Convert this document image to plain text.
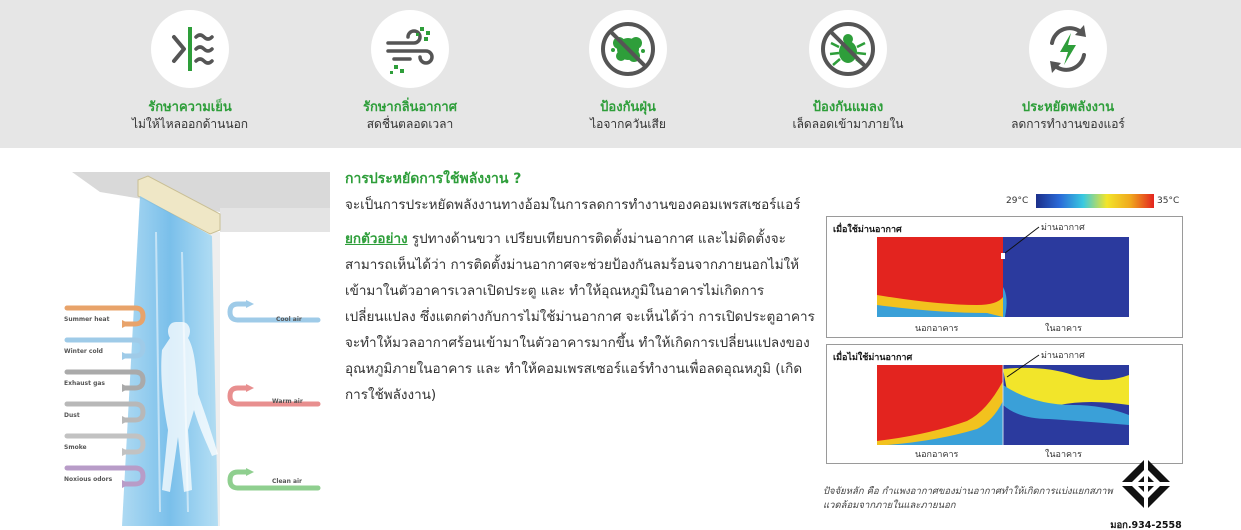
รักษาความเย็น
ไม่ให้ไหลออกด้านนอก
รักษากลิ่นอากาศ
สดชื่นตลอดเวลา
ป้องกันฝุ่น
ไอจากควันเสีย
ป้องกันแมลง
เล็ดลอดเข้ามาภายใน
ประหยัดพลังงาน
ลดการทำงานของแอร์
Summer heat
Winter cold
Exhaust gas
Dust
Smoke
Noxious odors
Cool air
Warm air
Clean air
การประหยัดการใช้พลังงาน ?

จะเป็นการประหยัดพลังงานทางอ้อมในการลดการทำงานของคอมเพรสเซอร์แอร์

ยกตัวอย่าง รูปทางด้านขวา เปรียบเทียบการติดตั้งม่านอากาศ และไม่ติดตั้งจะสามารถเห็นได้ว่า การติดตั้งม่านอากาศจะช่วยป้องกันลมร้อนจากภายนอกไม่ให้เข้ามาในตัวอาคารเวลาเปิดประตู และ ทำให้อุณหภูมิในอาคารไม่เกิดการเปลี่ยนแปลง ซึ่งแตกต่างกับการไม่ใช้ม่านอากาศ จะเห็นได้ว่า การเปิดประตูอาคารจะทำให้มวลอากาศร้อนเข้ามาในตัวอาคารมากขึ้น ทำให้เกิดการเปลี่ยนแปลงของอุณหภูมิภายในอาคาร และ ทำให้คอมเพรสเซอร์แอร์ทำงานเพื่อลดอุณหภูมิ (เกิดการใช้พลังงาน)

29°C	35°C
เมื่อใช้ม่านอากาศ	ม่านอากาศ
นอกอาคาร	ในอาคาร
เมื่อไม่ใช้ม่านอากาศ	ม่านอากาศ
นอกอาคาร	ในอาคาร
ปัจจัยหลัก คือ กำแพงอากาศของม่านอากาศทำให้เกิดการแบ่งแยกสภาพแวดล้อมจากภายในและภายนอก
มอก.934-2558
